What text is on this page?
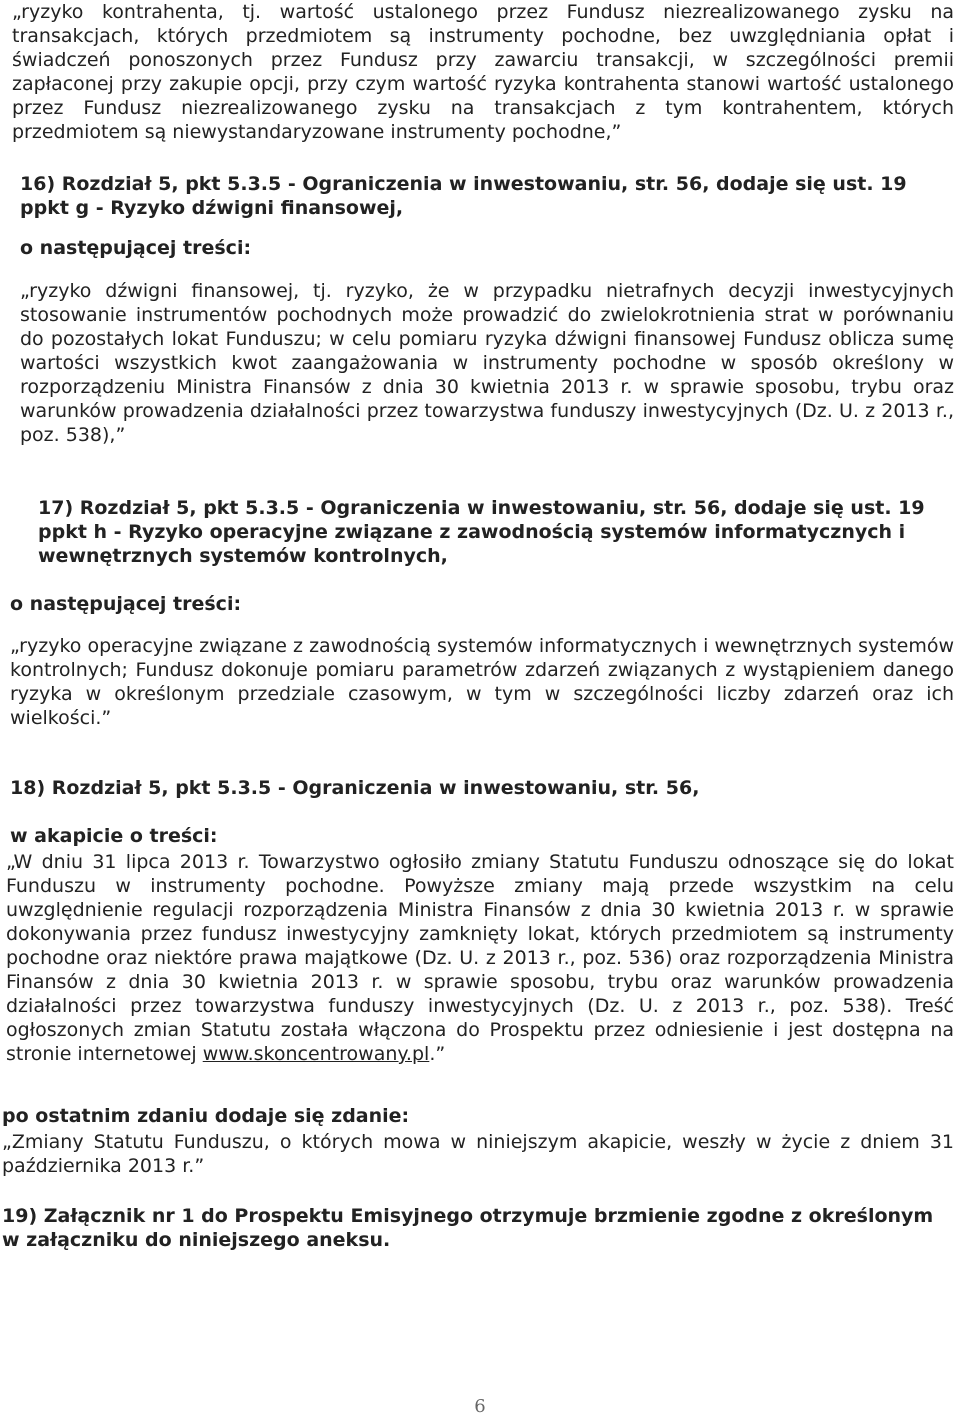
„ryzyko kontrahenta, tj. wartość ustalonego przez Fundusz niezrealizowanego zysku na transakcjach, których przedmiotem są instrumenty pochodne, bez uwzględniania opłat i świadczeń ponoszonych przez Fundusz przy zawarciu transakcji, w szczególności premii zapłaconej przy zakupie opcji, przy czym wartość ryzyka kontrahenta stanowi wartość ustalonego przez Fundusz niezrealizowanego zysku na transakcjach z tym kontrahentem, których przedmiotem są niewystandaryzowane instrumenty pochodne,”

16) Rozdział 5, pkt 5.3.5 - Ograniczenia w inwestowaniu, str. 56, dodaje się ust. 19 ppkt g - Ryzyko dźwigni finansowej,

o następującej treści:

„ryzyko dźwigni finansowej, tj. ryzyko, że w przypadku nietrafnych decyzji inwestycyjnych stosowanie instrumentów pochodnych może prowadzić do zwielokrotnienia strat w porównaniu do pozostałych lokat Funduszu; w celu pomiaru ryzyka dźwigni finansowej Fundusz oblicza sumę wartości wszystkich kwot zaangażowania w instrumenty pochodne w sposób określony w rozporządzeniu Ministra Finansów z dnia 30 kwietnia 2013 r. w sprawie sposobu, trybu oraz warunków prowadzenia działalności przez towarzystwa funduszy inwestycyjnych (Dz. U. z 2013 r., poz. 538),”

17) Rozdział 5, pkt 5.3.5 - Ograniczenia w inwestowaniu, str. 56, dodaje się ust. 19 ppkt h - Ryzyko operacyjne związane z zawodnością systemów informatycznych i wewnętrznych systemów kontrolnych,

o następującej treści:

„ryzyko operacyjne związane z zawodnością systemów informatycznych i wewnętrznych systemów kontrolnych; Fundusz dokonuje pomiaru parametrów zdarzeń związanych z wystąpieniem danego ryzyka w określonym przedziale czasowym, w tym w szczególności liczby zdarzeń oraz ich wielkości.”

18) Rozdział 5, pkt 5.3.5 - Ograniczenia w inwestowaniu, str. 56,

w akapicie o treści:

„W dniu 31 lipca 2013 r. Towarzystwo ogłosiło zmiany Statutu Funduszu odnoszące się do lokat Funduszu w instrumenty pochodne. Powyższe zmiany mają przede wszystkim na celu uwzględnienie regulacji rozporządzenia Ministra Finansów z dnia 30 kwietnia 2013 r. w sprawie dokonywania przez fundusz inwestycyjny zamknięty lokat, których przedmiotem są instrumenty pochodne oraz niektóre prawa majątkowe (Dz. U. z 2013 r., poz. 536) oraz rozporządzenia Ministra Finansów z dnia 30 kwietnia 2013 r. w sprawie sposobu, trybu oraz warunków prowadzenia działalności przez towarzystwa funduszy inwestycyjnych (Dz. U. z 2013 r., poz. 538). Treść ogłoszonych zmian Statutu została włączona do Prospektu przez odniesienie i jest dostępna na stronie internetowej www.skoncentrowany.pl.”

po ostatnim zdaniu dodaje się zdanie:

„Zmiany Statutu Funduszu, o których mowa w niniejszym akapicie, weszły w życie z dniem 31 października 2013 r.”

19) Załącznik nr 1 do Prospektu Emisyjnego otrzymuje brzmienie zgodne z określonym w załączniku do niniejszego aneksu.

6
